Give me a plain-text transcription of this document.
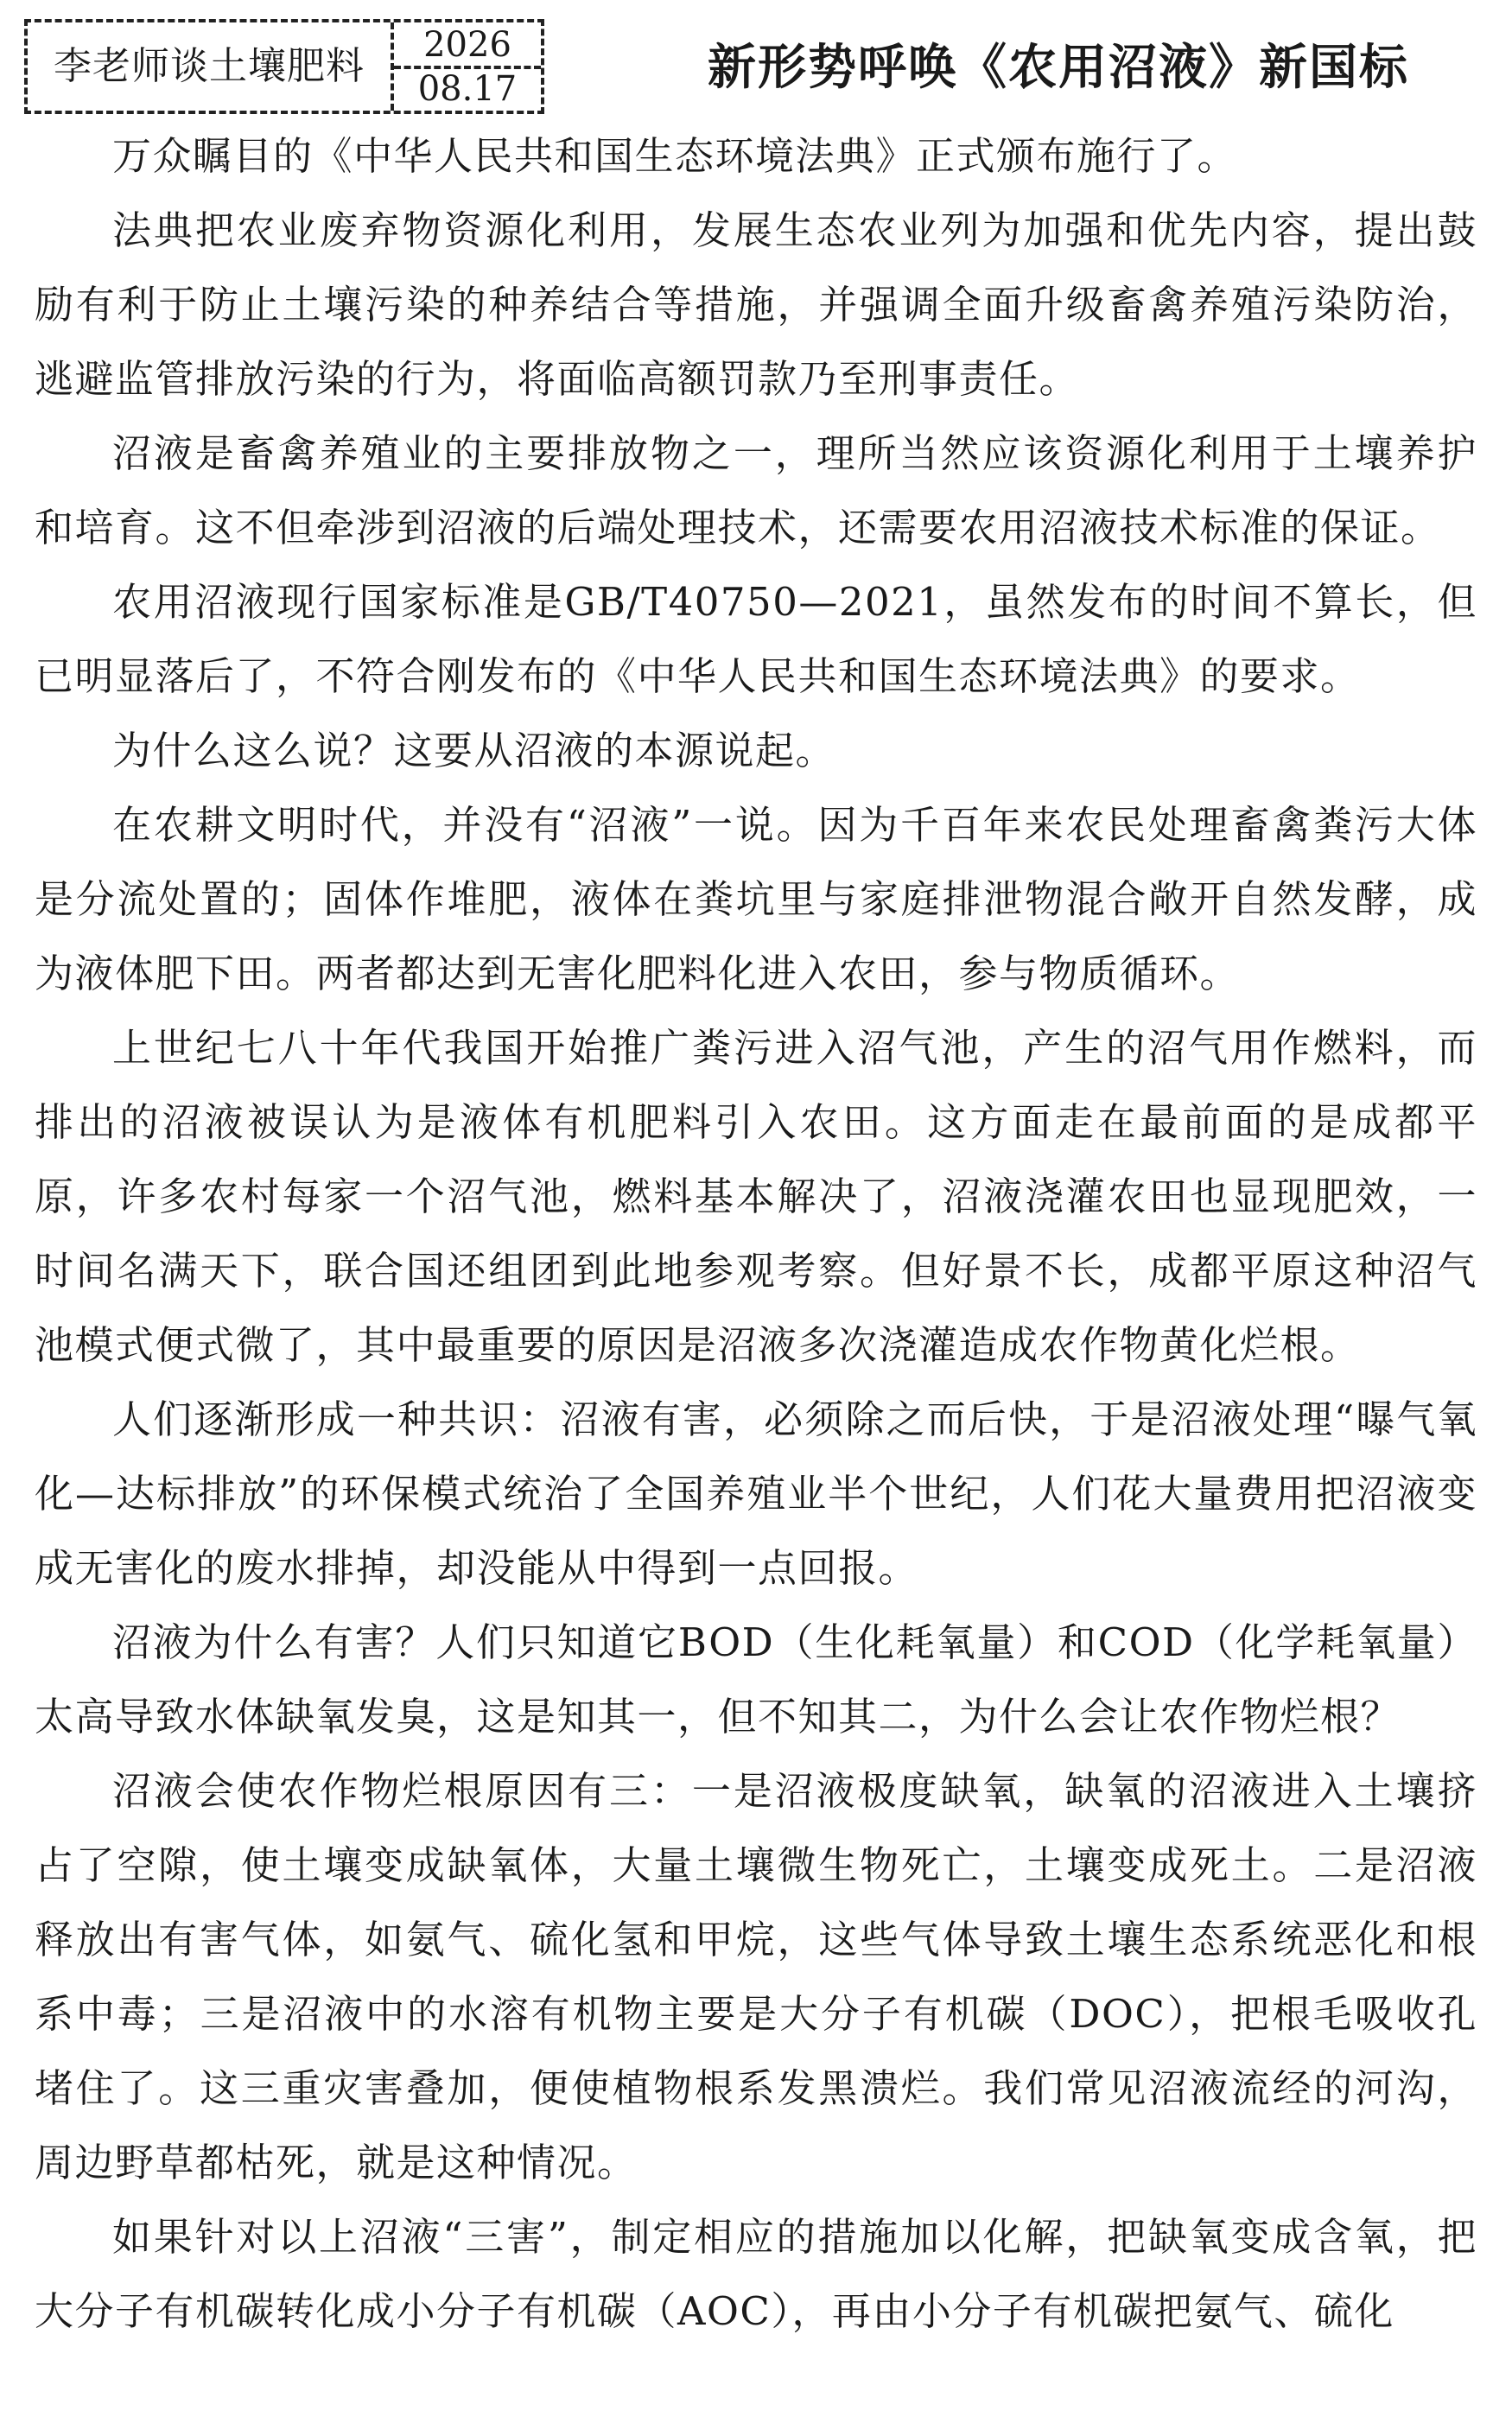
李老师谈土壤肥料	2026
08.17	新形势呼唤《农用沼液》新国标

万众瞩目的《中华人民共和国生态环境法典》正式颁布施行了。

法典把农业废弃物资源化利用，发展生态农业列为加强和优先内容，提出鼓励有利于防止土壤污染的种养结合等措施，并强调全面升级畜禽养殖污染防治，逃避监管排放污染的行为，将面临高额罚款乃至刑事责任。

沼液是畜禽养殖业的主要排放物之一，理所当然应该资源化利用于土壤养护和培育。这不但牵涉到沼液的后端处理技术，还需要农用沼液技术标准的保证。

农用沼液现行国家标准是GB/T40750—2021，虽然发布的时间不算长，但已明显落后了，不符合刚发布的《中华人民共和国生态环境法典》的要求。

为什么这么说？这要从沼液的本源说起。

在农耕文明时代，并没有“沼液”一说。因为千百年来农民处理畜禽粪污大体是分流处置的；固体作堆肥，液体在粪坑里与家庭排泄物混合敞开自然发酵，成为液体肥下田。两者都达到无害化肥料化进入农田，参与物质循环。

上世纪七八十年代我国开始推广粪污进入沼气池，产生的沼气用作燃料，而排出的沼液被误认为是液体有机肥料引入农田。这方面走在最前面的是成都平原，许多农村每家一个沼气池，燃料基本解决了，沼液浇灌农田也显现肥效，一时间名满天下，联合国还组团到此地参观考察。但好景不长，成都平原这种沼气池模式便式微了，其中最重要的原因是沼液多次浇灌造成农作物黄化烂根。

人们逐渐形成一种共识：沼液有害，必须除之而后快，于是沼液处理“曝气氧化—达标排放”的环保模式统治了全国养殖业半个世纪，人们花大量费用把沼液变成无害化的废水排掉，却没能从中得到一点回报。

沼液为什么有害？人们只知道它BOD（生化耗氧量）和COD（化学耗氧量）太高导致水体缺氧发臭，这是知其一，但不知其二，为什么会让农作物烂根？

沼液会使农作物烂根原因有三：一是沼液极度缺氧，缺氧的沼液进入土壤挤占了空隙，使土壤变成缺氧体，大量土壤微生物死亡，土壤变成死土。二是沼液释放出有害气体，如氨气、硫化氢和甲烷，这些气体导致土壤生态系统恶化和根系中毒；三是沼液中的水溶有机物主要是大分子有机碳（DOC），把根毛吸收孔堵住了。这三重灾害叠加，便使植物根系发黑溃烂。我们常见沼液流经的河沟，周边野草都枯死，就是这种情况。

如果针对以上沼液“三害”，制定相应的措施加以化解，把缺氧变成含氧，把大分子有机碳转化成小分子有机碳（AOC），再由小分子有机碳把氨气、硫化
